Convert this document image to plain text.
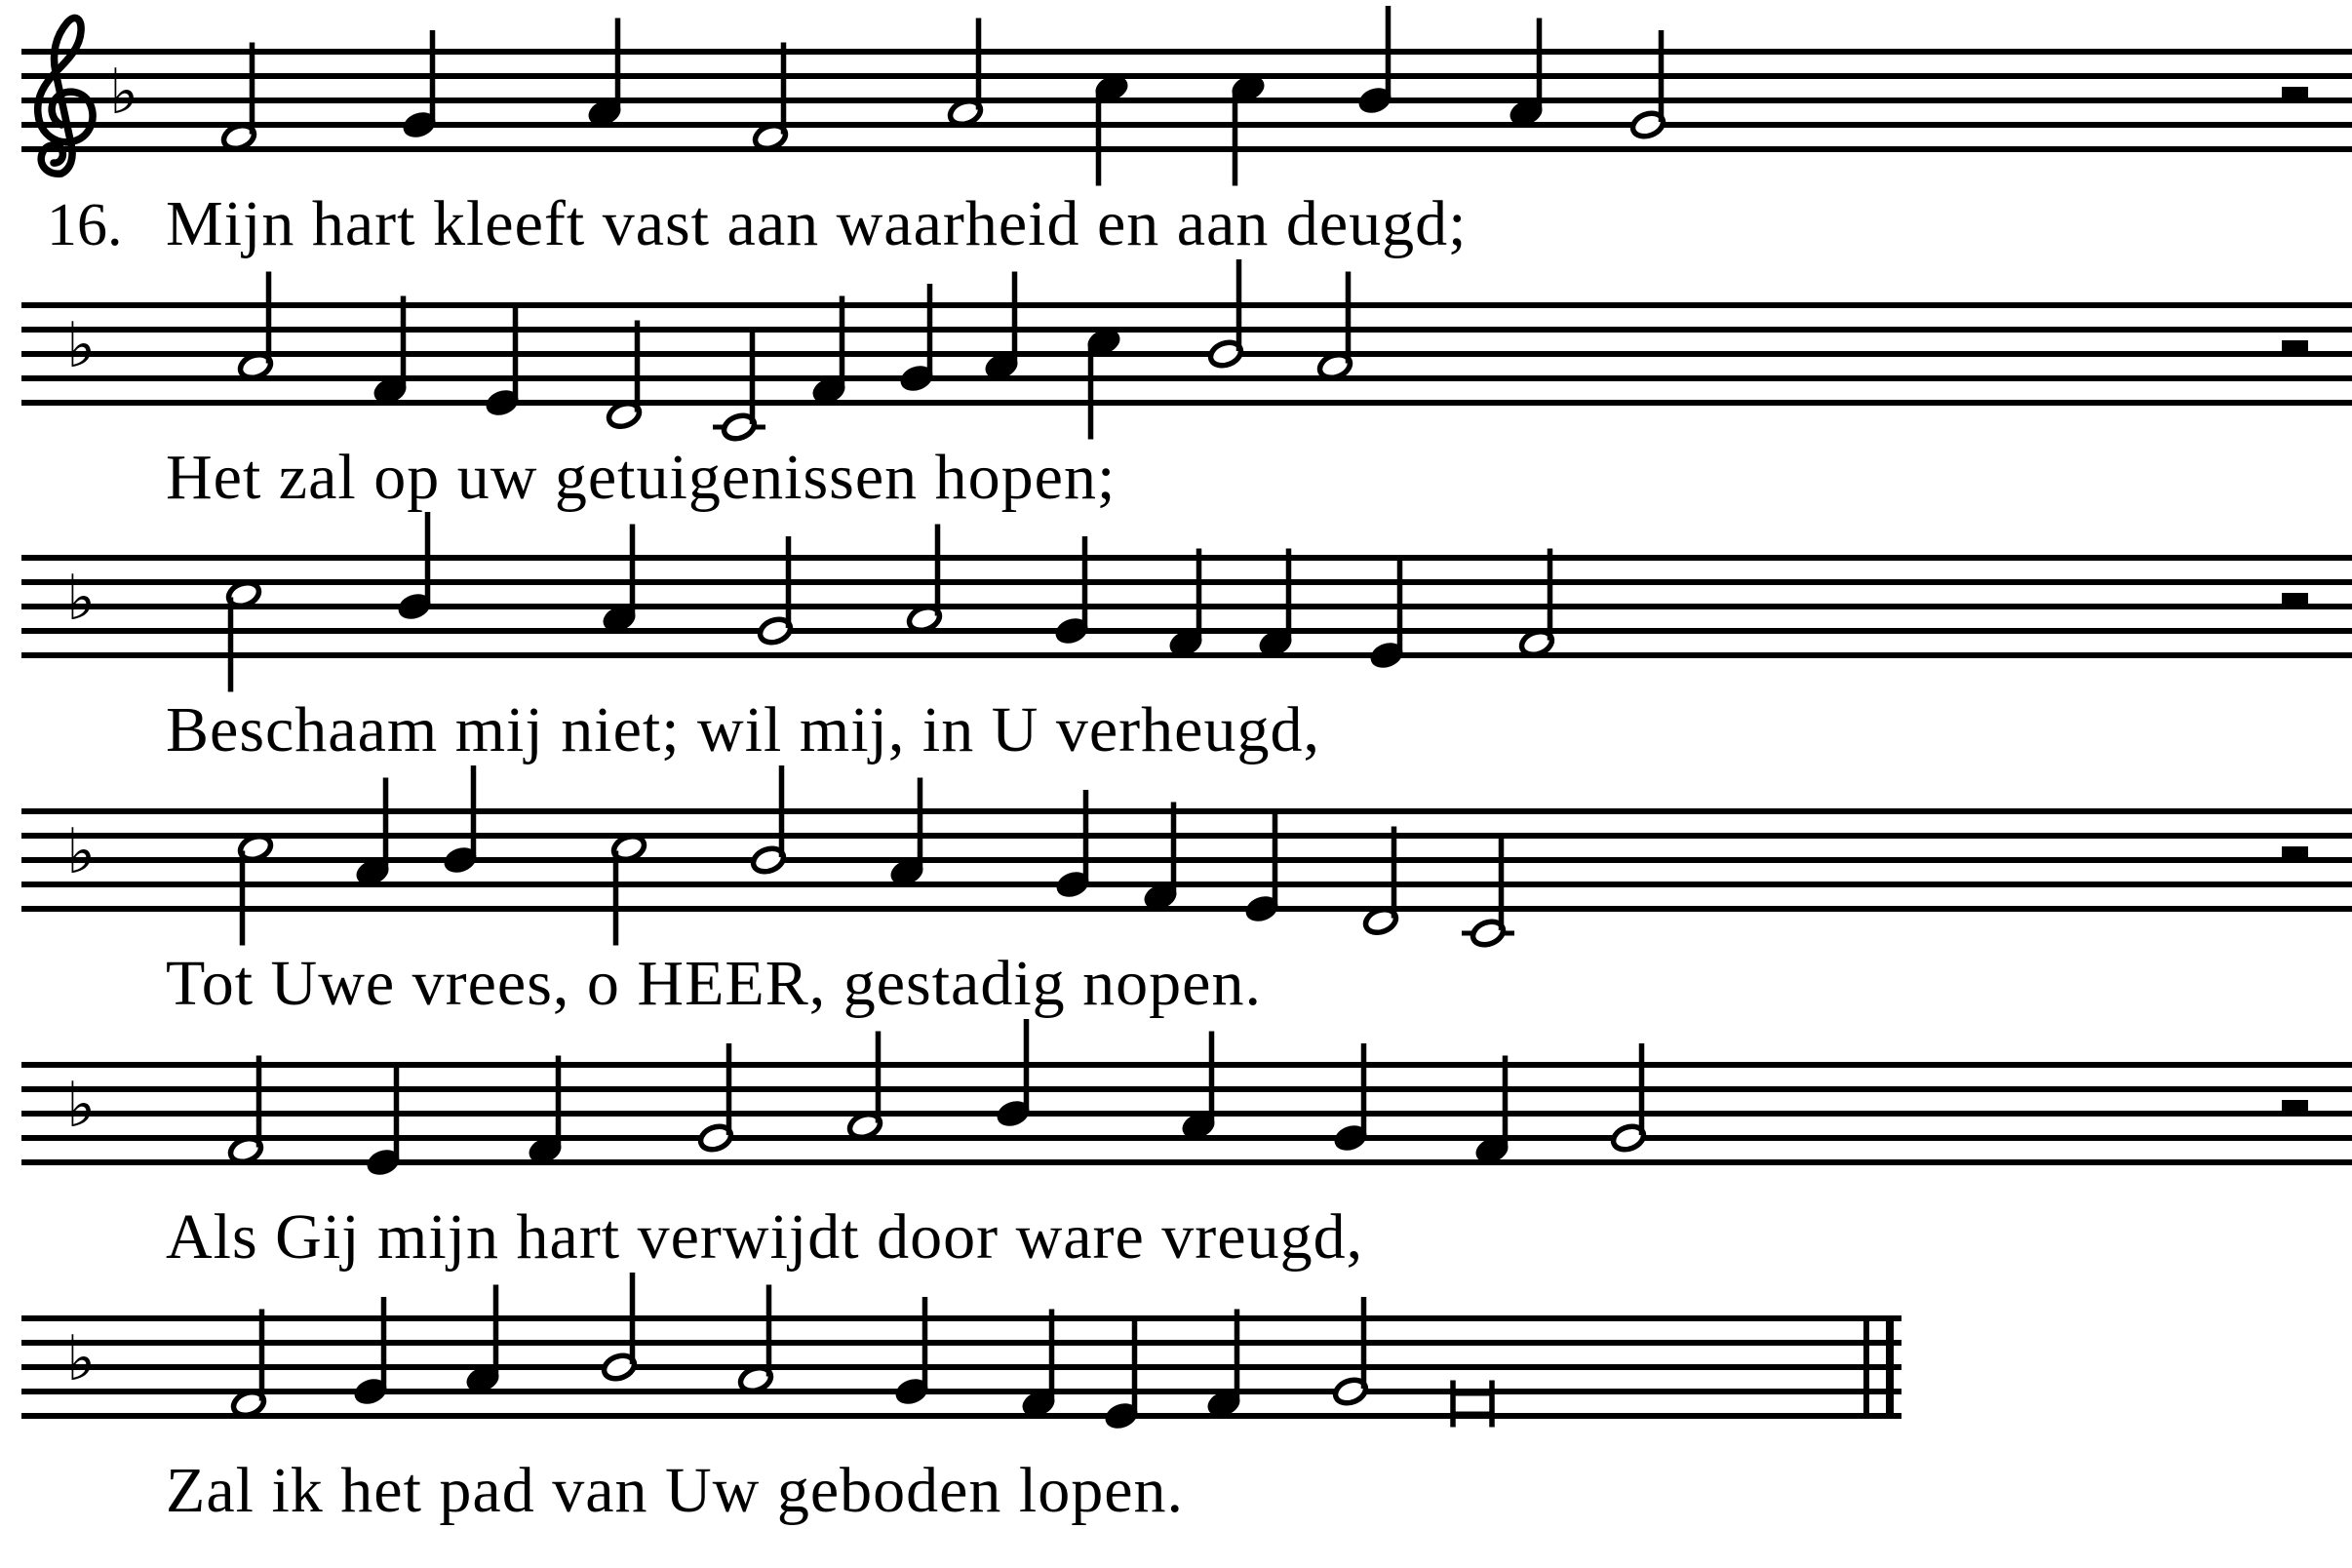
♭
♭
♭
♭
♭
♭
16. Mijn hart kleeft vast aan waarheid en aan deugd;
Het zal op uw getuigenissen hopen;
Beschaam mij niet; wil mij, in U verheugd,
Tot Uwe vrees, o HEER, gestadig nopen.
Als Gij mijn hart verwijdt door ware vreugd,
Zal ik het pad van Uw geboden lopen.
